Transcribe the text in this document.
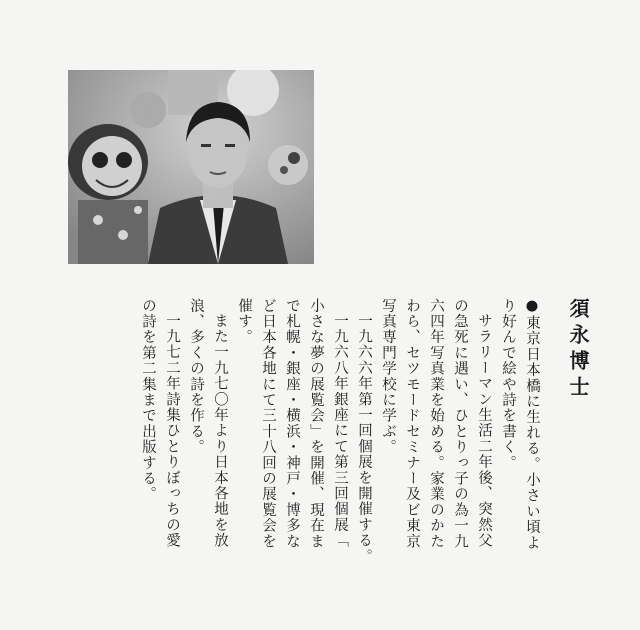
須永博士

●東京日本橋に生れる。小さい頃よ

り好んで絵や詩を書く。

サラリーマン生活二年後、突然父

の急死に遇い、ひとりっ子の為一九

六四年写真業を始める。家業のかた

わら、セツモードセミナー及ビ東京

写真専門学校に学ぶ。

一九六六年第一回個展を開催する。

一九六八年銀座にて第三回個展「

小さな夢の展覧会」を開催、現在ま

で札幌・銀座・横浜・神戸・博多な

ど日本各地にて三十八回の展覧会を

催す。

また一九七〇年より日本各地を放

浪、多くの詩を作る。

一九七二年詩集ひとりぼっちの愛

の詩を第二集まで出版する。
